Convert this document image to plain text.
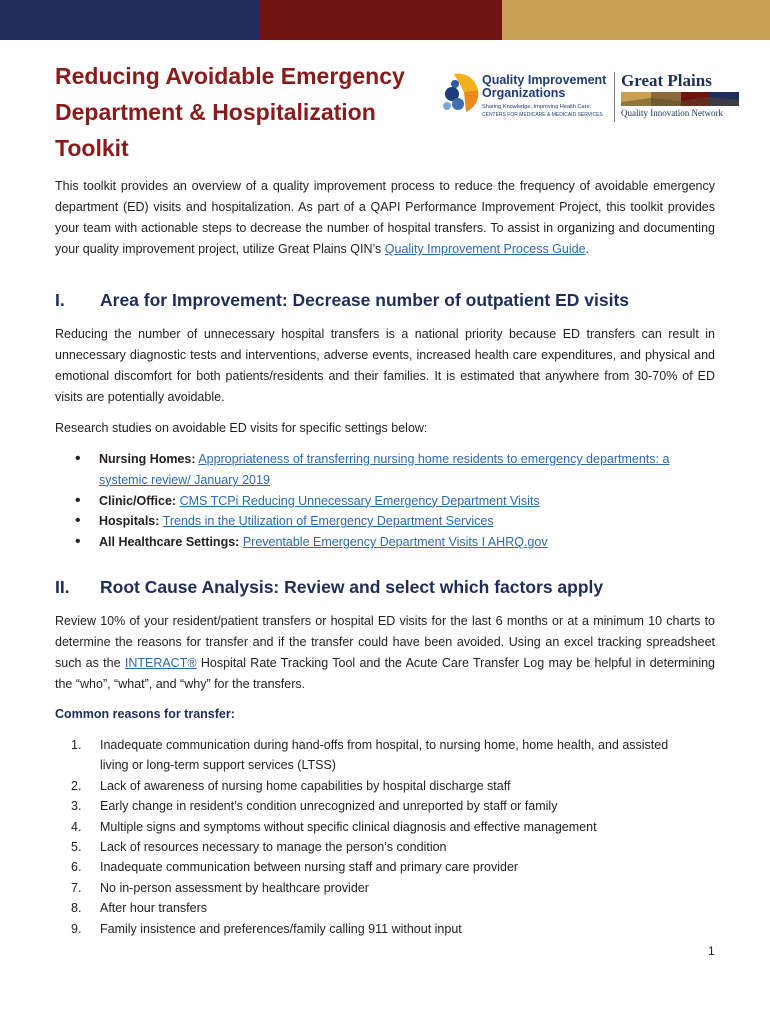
Reducing Avoidable Emergency Department & Hospitalization Toolkit
Quality Improvement
Organizations
Sharing Knowledge. Improving Health Care.
CENTERS FOR MEDICARE & MEDICAID SERVICES
Great Plains
Quality Innovation Network

This toolkit provides an overview of a quality improvement process to reduce the frequency of avoidable emergency department (ED) visits and hospitalization. As part of a QAPI Performance Improvement Project, this toolkit provides your team with actionable steps to decrease the number of hospital transfers. To assist in organizing and documenting your quality improvement project, utilize Great Plains QIN’s Quality Improvement Process Guide.

I. Area for Improvement: Decrease number of outpatient ED visits

Reducing the number of unnecessary hospital transfers is a national priority because ED transfers can result in unnecessary diagnostic tests and interventions, adverse events, increased health care expenditures, and physical and emotional discomfort for both patients/residents and their families. It is estimated that anywhere from 30-70% of ED visits are potentially avoidable.

Research studies on avoidable ED visits for specific settings below:

• Nursing Homes: Appropriateness of transferring nursing home residents to emergency departments: a systemic review/ January 2019
• Clinic/Office: CMS TCPi Reducing Unnecessary Emergency Department Visits
• Hospitals: Trends in the Utilization of Emergency Department Services
• All Healthcare Settings: Preventable Emergency Department Visits I AHRQ.gov
II. Root Cause Analysis: Review and select which factors apply

Review 10% of your resident/patient transfers or hospital ED visits for the last 6 months or at a minimum 10 charts to determine the reasons for transfer and if the transfer could have been avoided. Using an excel tracking spreadsheet such as the INTERACT® Hospital Rate Tracking Tool and the Acute Care Transfer Log may be helpful in determining the “who”, “what”, and “why” for the transfers.

Common reasons for transfer:
1.	Inadequate communication during hand-offs from hospital, to nursing home, home health, and assisted living or long-term support services (LTSS)
2.	Lack of awareness of nursing home capabilities by hospital discharge staff
3.	Early change in resident’s condition unrecognized and unreported by staff or family
4.	Multiple signs and symptoms without specific clinical diagnosis and effective management
5.	Lack of resources necessary to manage the person’s condition
6.	Inadequate communication between nursing staff and primary care provider
7.	No in-person assessment by healthcare provider
8.	After hour transfers
9.	Family insistence and preferences/family calling 911 without input
1
